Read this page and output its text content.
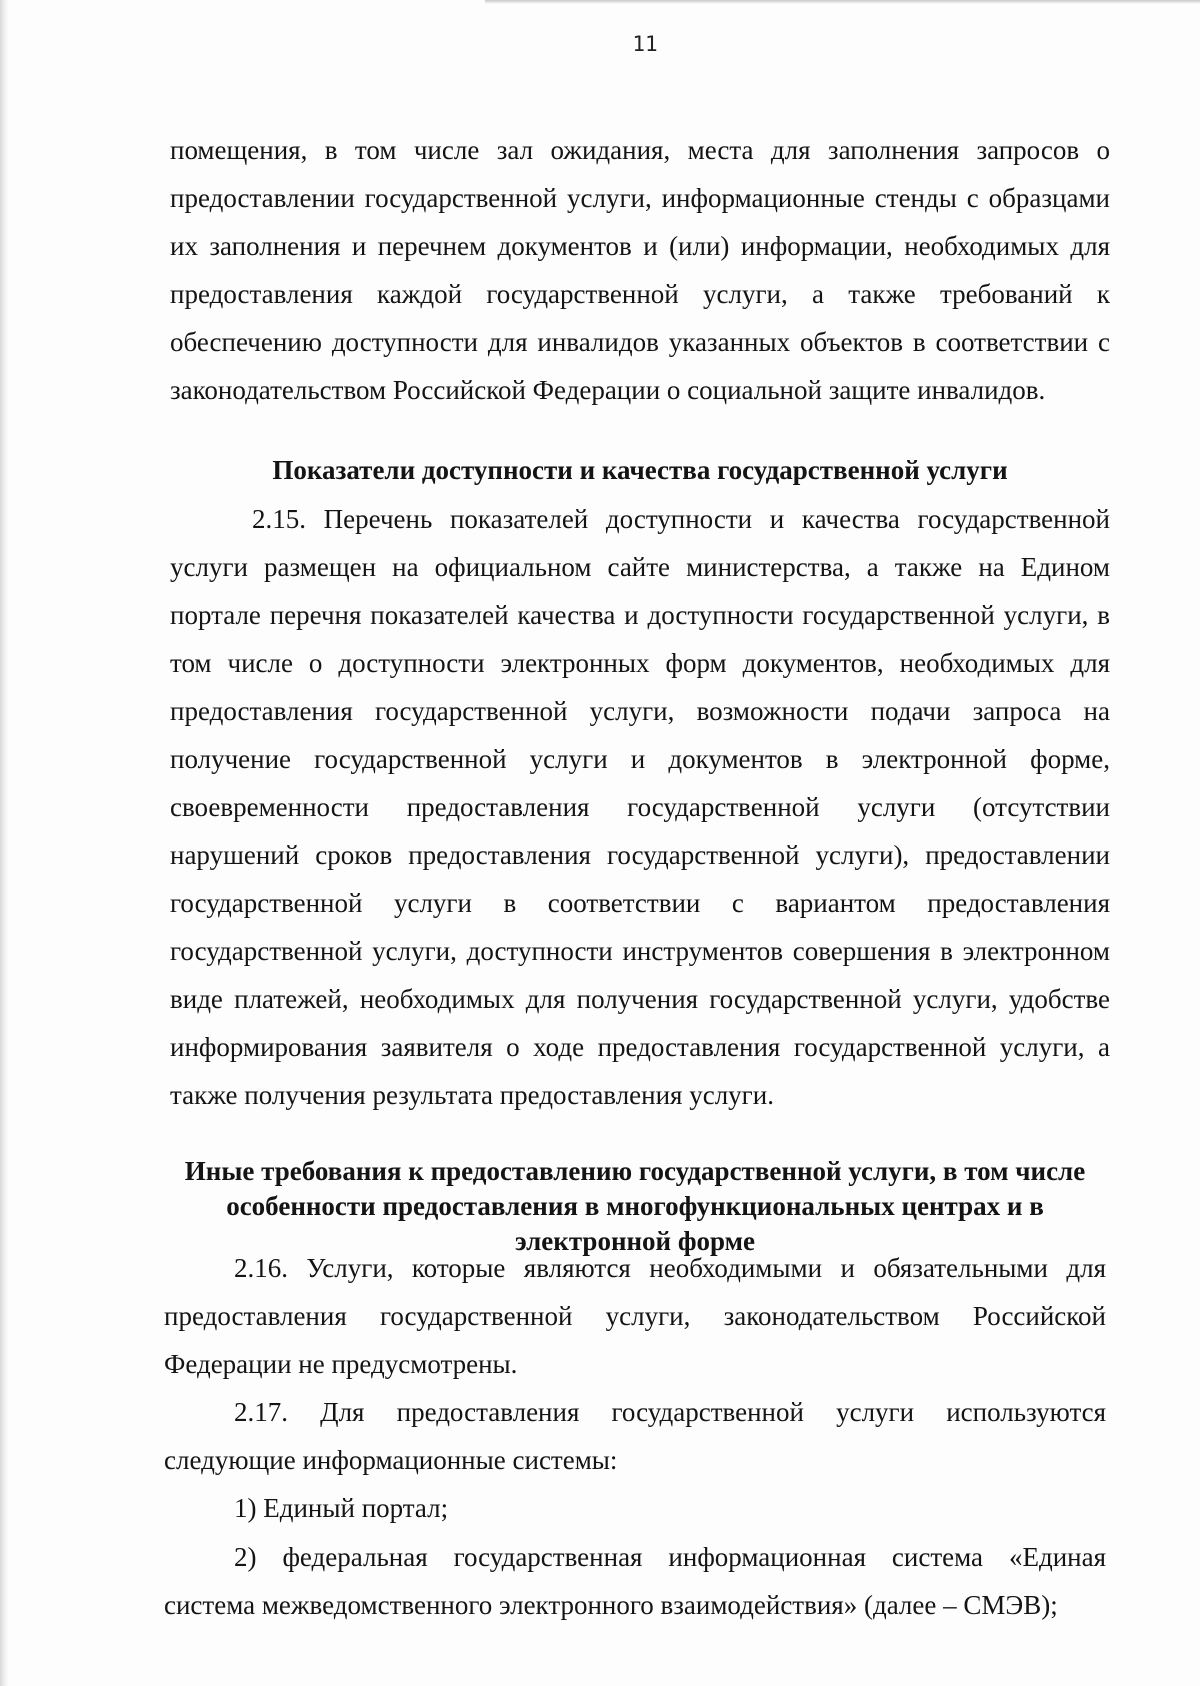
11
помещения, в том числе зал ожидания, места для заполнения запросов о
предоставлении государственной услуги, информационные стенды с образцами
их заполнения и перечнем документов и (или) информации, необходимых для
предоставления каждой государственной услуги, а также требований к
обеспечению доступности для инвалидов указанных объектов в соответствии с
законодательством Российской Федерации о социальной защите инвалидов.
Показатели доступности и качества государственной услуги
2.15. Перечень показателей доступности и качества государственной
услуги размещен на официальном сайте министерства, а также на Едином
портале перечня показателей качества и доступности государственной услуги, в
том числе о доступности электронных форм документов, необходимых для
предоставления государственной услуги, возможности подачи запроса на
получение государственной услуги и документов в электронной форме,
своевременности предоставления государственной услуги (отсутствии
нарушений сроков предоставления государственной услуги), предоставлении
государственной услуги в соответствии с вариантом предоставления
государственной услуги, доступности инструментов совершения в электронном
виде платежей, необходимых для получения государственной услуги, удобстве
информирования заявителя о ходе предоставления государственной услуги, а
также получения результата предоставления услуги.
Иные требования к предоставлению государственной услуги, в том числе
особенности предоставления в многофункциональных центрах и в
электронной форме
2.16. Услуги, которые являются необходимыми и обязательными для
предоставления государственной услуги, законодательством Российской
Федерации не предусмотрены.
2.17. Для предоставления государственной услуги используются
следующие информационные системы:
1) Единый портал;
2) федеральная государственная информационная система «Единая
система межведомственного электронного взаимодействия» (далее – СМЭВ);
